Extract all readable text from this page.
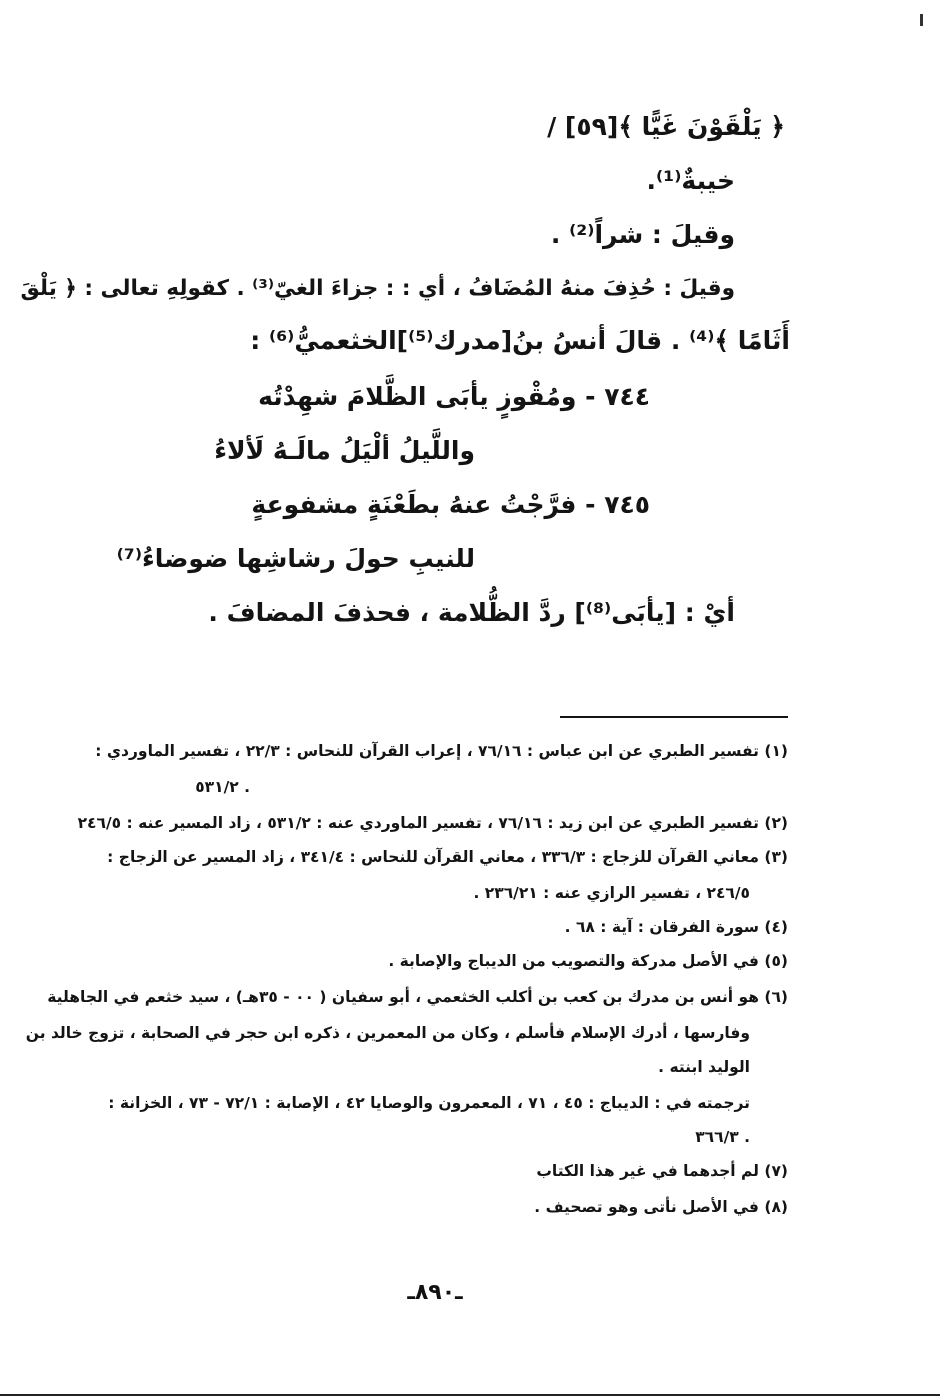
﴿ يَلْقَوْنَ غَيًّا ﴾[٥٩] /
خيبةٌ⁽¹⁾.
وقيلَ : شراً⁽²⁾ .
وقيلَ : حُذِفَ منهُ المُضَافُ ، أي : : جزاءَ الغيّ⁽³⁾ . كقولِهِ تعالى : ﴿ يَلْقَ
أَثَامًا ﴾⁽⁴⁾ . قالَ أنسُ بنُ[مدرك⁽⁵⁾]الخثعميُّ⁽⁶⁾ :
٧٤٤ - ومُقْوزٍ يأبَى الظَّلامَ شهِدْتُه
واللَّيلُ ألْيَلُ مالَـهُ لَألاءُ
٧٤٥ - فرَّجْتُ عنهُ بطَعْنَةٍ مشفوعةٍ
للنيبِ حولَ رشاشِها ضوضاءُ⁽⁷⁾
أيْ : [يأبَى⁽⁸⁾] ردَّ الظُّلامة ، فحذفَ المضافَ .
(١) تفسير الطبري عن ابن عباس : ٧٦/١٦ ، إعراب القرآن للنحاس : ٢٢/٣ ، تفسير الماوردي :
٥٣١/٢ .
(٢) تفسير الطبري عن ابن زيد : ٧٦/١٦ ، تفسير الماوردي عنه : ٥٣١/٢ ، زاد المسير عنه : ٢٤٦/٥
(٣) معاني القرآن للزجاج : ٣٣٦/٣ ، معاني القرآن للنحاس : ٣٤١/٤ ، زاد المسير عن الزجاج :
٢٤٦/٥ ، تفسير الرازي عنه : ٢٣٦/٢١ .
(٤) سورة الفرقان : آية : ٦٨ .
(٥) في الأصل مدركة والتصويب من الديباج والإصابة .
(٦) هو أنس بن مدرك بن كعب بن أكلب الخثعمي ، أبو سفيان ( ٠٠ - ٣٥هـ) ، سيد خثعم في الجاهلية
وفارسها ، أدرك الإسلام فأسلم ، وكان من المعمرين ، ذكره ابن حجر في الصحابة ، تزوج خالد بن
الوليد ابنته .
ترجمته في : الديباج : ٤٥ ، ٧١ ، المعمرون والوصايا ٤٢ ، الإصابة : ٧٢/١ - ٧٣ ، الخزانة :
٣٦٦/٣ .
(٧) لم أجدهما في غير هذا الكتاب
(٨) في الأصل نأتى وهو تصحيف .
ـ٨٩٠ـ
